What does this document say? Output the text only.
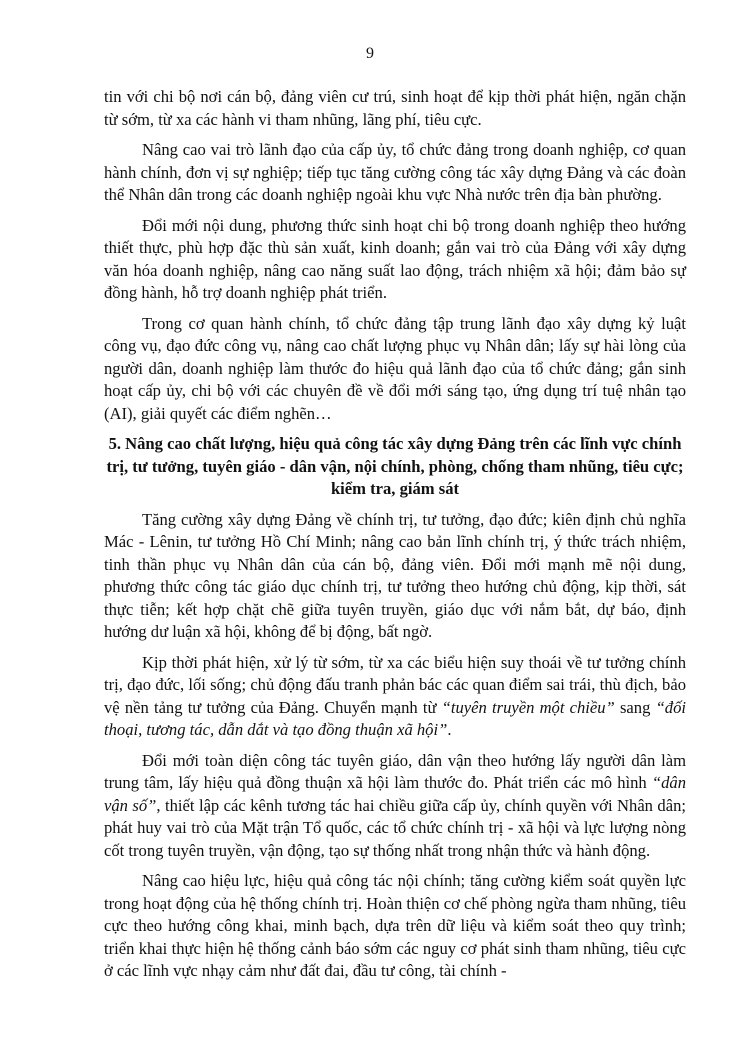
9

tin với chi bộ nơi cán bộ, đảng viên cư trú, sinh hoạt để kịp thời phát hiện, ngăn chặn từ sớm, từ xa các hành vi tham nhũng, lãng phí, tiêu cực.

Nâng cao vai trò lãnh đạo của cấp ủy, tổ chức đảng trong doanh nghiệp, cơ quan hành chính, đơn vị sự nghiệp; tiếp tục tăng cường công tác xây dựng Đảng và các đoàn thể Nhân dân trong các doanh nghiệp ngoài khu vực Nhà nước trên địa bàn phường.

Đổi mới nội dung, phương thức sinh hoạt chi bộ trong doanh nghiệp theo hướng thiết thực, phù hợp đặc thù sản xuất, kinh doanh; gắn vai trò của Đảng với xây dựng văn hóa doanh nghiệp, nâng cao năng suất lao động, trách nhiệm xã hội; đảm bảo sự đồng hành, hỗ trợ doanh nghiệp phát triển.

Trong cơ quan hành chính, tổ chức đảng tập trung lãnh đạo xây dựng kỷ luật công vụ, đạo đức công vụ, nâng cao chất lượng phục vụ Nhân dân; lấy sự hài lòng của người dân, doanh nghiệp làm thước đo hiệu quả lãnh đạo của tổ chức đảng; gắn sinh hoạt cấp ủy, chi bộ với các chuyên đề về đổi mới sáng tạo, ứng dụng trí tuệ nhân tạo (AI), giải quyết các điểm nghẽn…

5. Nâng cao chất lượng, hiệu quả công tác xây dựng Đảng trên các lĩnh vực chính trị, tư tưởng, tuyên giáo - dân vận, nội chính, phòng, chống tham nhũng, tiêu cực; kiểm tra, giám sát

Tăng cường xây dựng Đảng về chính trị, tư tưởng, đạo đức; kiên định chủ nghĩa Mác - Lênin, tư tưởng Hồ Chí Minh; nâng cao bản lĩnh chính trị, ý thức trách nhiệm, tinh thần phục vụ Nhân dân của cán bộ, đảng viên. Đổi mới mạnh mẽ nội dung, phương thức công tác giáo dục chính trị, tư tưởng theo hướng chủ động, kịp thời, sát thực tiễn; kết hợp chặt chẽ giữa tuyên truyền, giáo dục với nắm bắt, dự báo, định hướng dư luận xã hội, không để bị động, bất ngờ.

Kịp thời phát hiện, xử lý từ sớm, từ xa các biểu hiện suy thoái về tư tưởng chính trị, đạo đức, lối sống; chủ động đấu tranh phản bác các quan điểm sai trái, thù địch, bảo vệ nền tảng tư tưởng của Đảng. Chuyển mạnh từ “tuyên truyền một chiều” sang “đối thoại, tương tác, dẫn dắt và tạo đồng thuận xã hội”.

Đổi mới toàn diện công tác tuyên giáo, dân vận theo hướng lấy người dân làm trung tâm, lấy hiệu quả đồng thuận xã hội làm thước đo. Phát triển các mô hình “dân vận số”, thiết lập các kênh tương tác hai chiều giữa cấp ủy, chính quyền với Nhân dân; phát huy vai trò của Mặt trận Tổ quốc, các tổ chức chính trị - xã hội và lực lượng nòng cốt trong tuyên truyền, vận động, tạo sự thống nhất trong nhận thức và hành động.

Nâng cao hiệu lực, hiệu quả công tác nội chính; tăng cường kiểm soát quyền lực trong hoạt động của hệ thống chính trị. Hoàn thiện cơ chế phòng ngừa tham nhũng, tiêu cực theo hướng công khai, minh bạch, dựa trên dữ liệu và kiểm soát theo quy trình; triển khai thực hiện hệ thống cảnh báo sớm các nguy cơ phát sinh tham nhũng, tiêu cực ở các lĩnh vực nhạy cảm như đất đai, đầu tư công, tài chính -
